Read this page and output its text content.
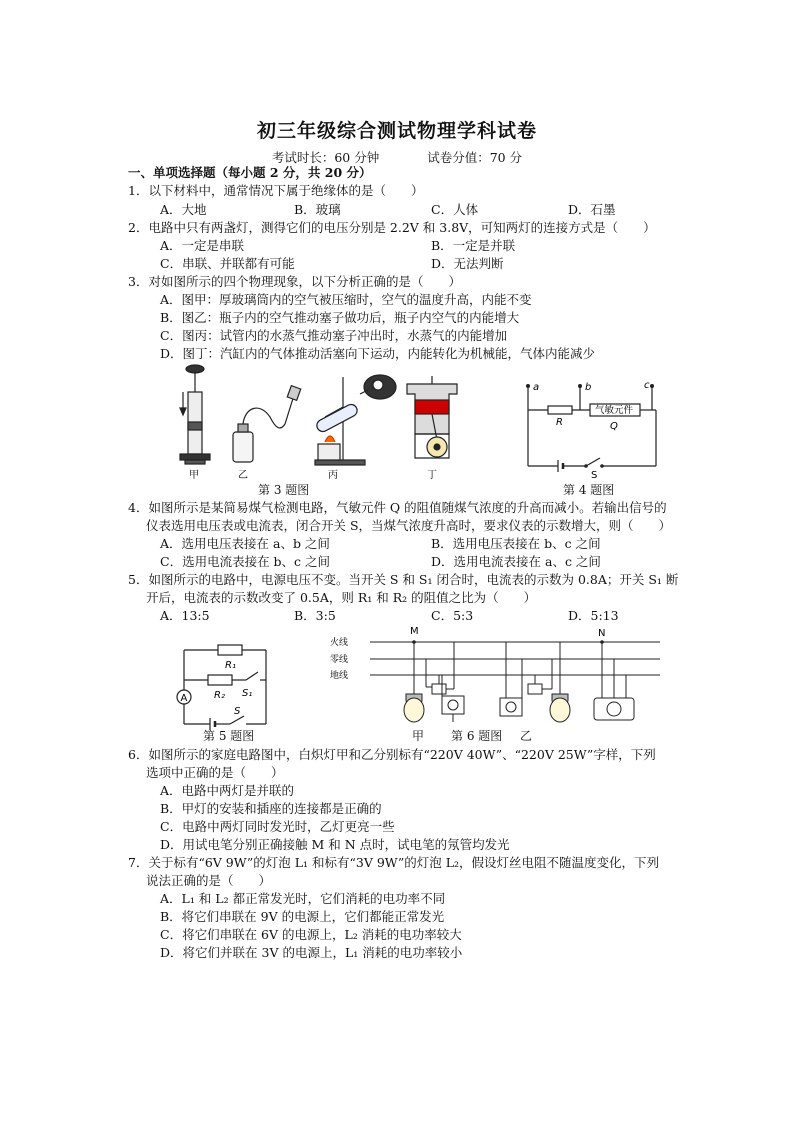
初三年级综合测试物理学科试卷
考试时长：60 分钟	试卷分值：70 分
一、单项选择题（每小题 2 分，共 20 分）
1．以下材料中，通常情况下属于绝缘体的是（　　）
A．大地	B．玻璃	C．人体	D．石墨
2．电路中只有两盏灯，测得它们的电压分别是 2.2V 和 3.8V，可知两灯的连接方式是（　　）
A．一定是串联	B．一定是并联
C．串联、并联都有可能	D．无法判断
3．对如图所示的四个物理现象，以下分析正确的是（　　）
A．图甲：厚玻璃筒内的空气被压缩时，空气的温度升高，内能不变
B．图乙：瓶子内的空气推动塞子做功后，瓶子内空气的内能增大
C．图丙：试管内的水蒸气推动塞子冲出时，水蒸气的内能增加
D．图丁：汽缸内的气体推动活塞向下运动，内能转化为机械能，气体内能减少
甲	乙	丙	丁
第 3 题图
a	b	c
R
气敏元件
Q
S
第 4 题图
4．如图所示是某简易煤气检测电路，气敏元件 Q 的阻值随煤气浓度的升高而减小。若输出信号的
仪表选用电压表或电流表，闭合开关 S，当煤气浓度升高时，要求仪表的示数增大，则（　　）
A．选用电压表接在 a、b 之间	B．选用电压表接在 b、c 之间
C．选用电流表接在 b、c 之间	D．选用电流表接在 a、c 之间
5．如图所示的电路中，电源电压不变。当开关 S 和 S₁ 闭合时，电流表的示数为 0.8A；开关 S₁ 断
开后，电流表的示数改变了 0.5A，则 R₁ 和 R₂ 的阻值之比为（　　）
A．13:5	B．3:5	C．5:3	D．5:13
A
R₁
R₂ S₁
S
第 5 题图
火线
零线
地线
M	N
甲 第 6 题图 乙
6．如图所示的家庭电路图中，白炽灯甲和乙分别标有“220V 40W”、“220V 25W”字样，下列
选项中正确的是（　　）
A．电路中两灯是并联的
B．甲灯的安装和插座的连接都是正确的
C．电路中两灯同时发光时，乙灯更亮一些
D．用试电笔分别正确接触 M 和 N 点时，试电笔的氖管均发光
7．关于标有“6V 9W”的灯泡 L₁ 和标有“3V 9W”的灯泡 L₂，假设灯丝电阻不随温度变化，下列
说法正确的是（　　）
A．L₁ 和 L₂ 都正常发光时，它们消耗的电功率不同
B．将它们串联在 9V 的电源上，它们都能正常发光
C．将它们串联在 6V 的电源上，L₂ 消耗的电功率较大
D．将它们并联在 3V 的电源上，L₁ 消耗的电功率较小
